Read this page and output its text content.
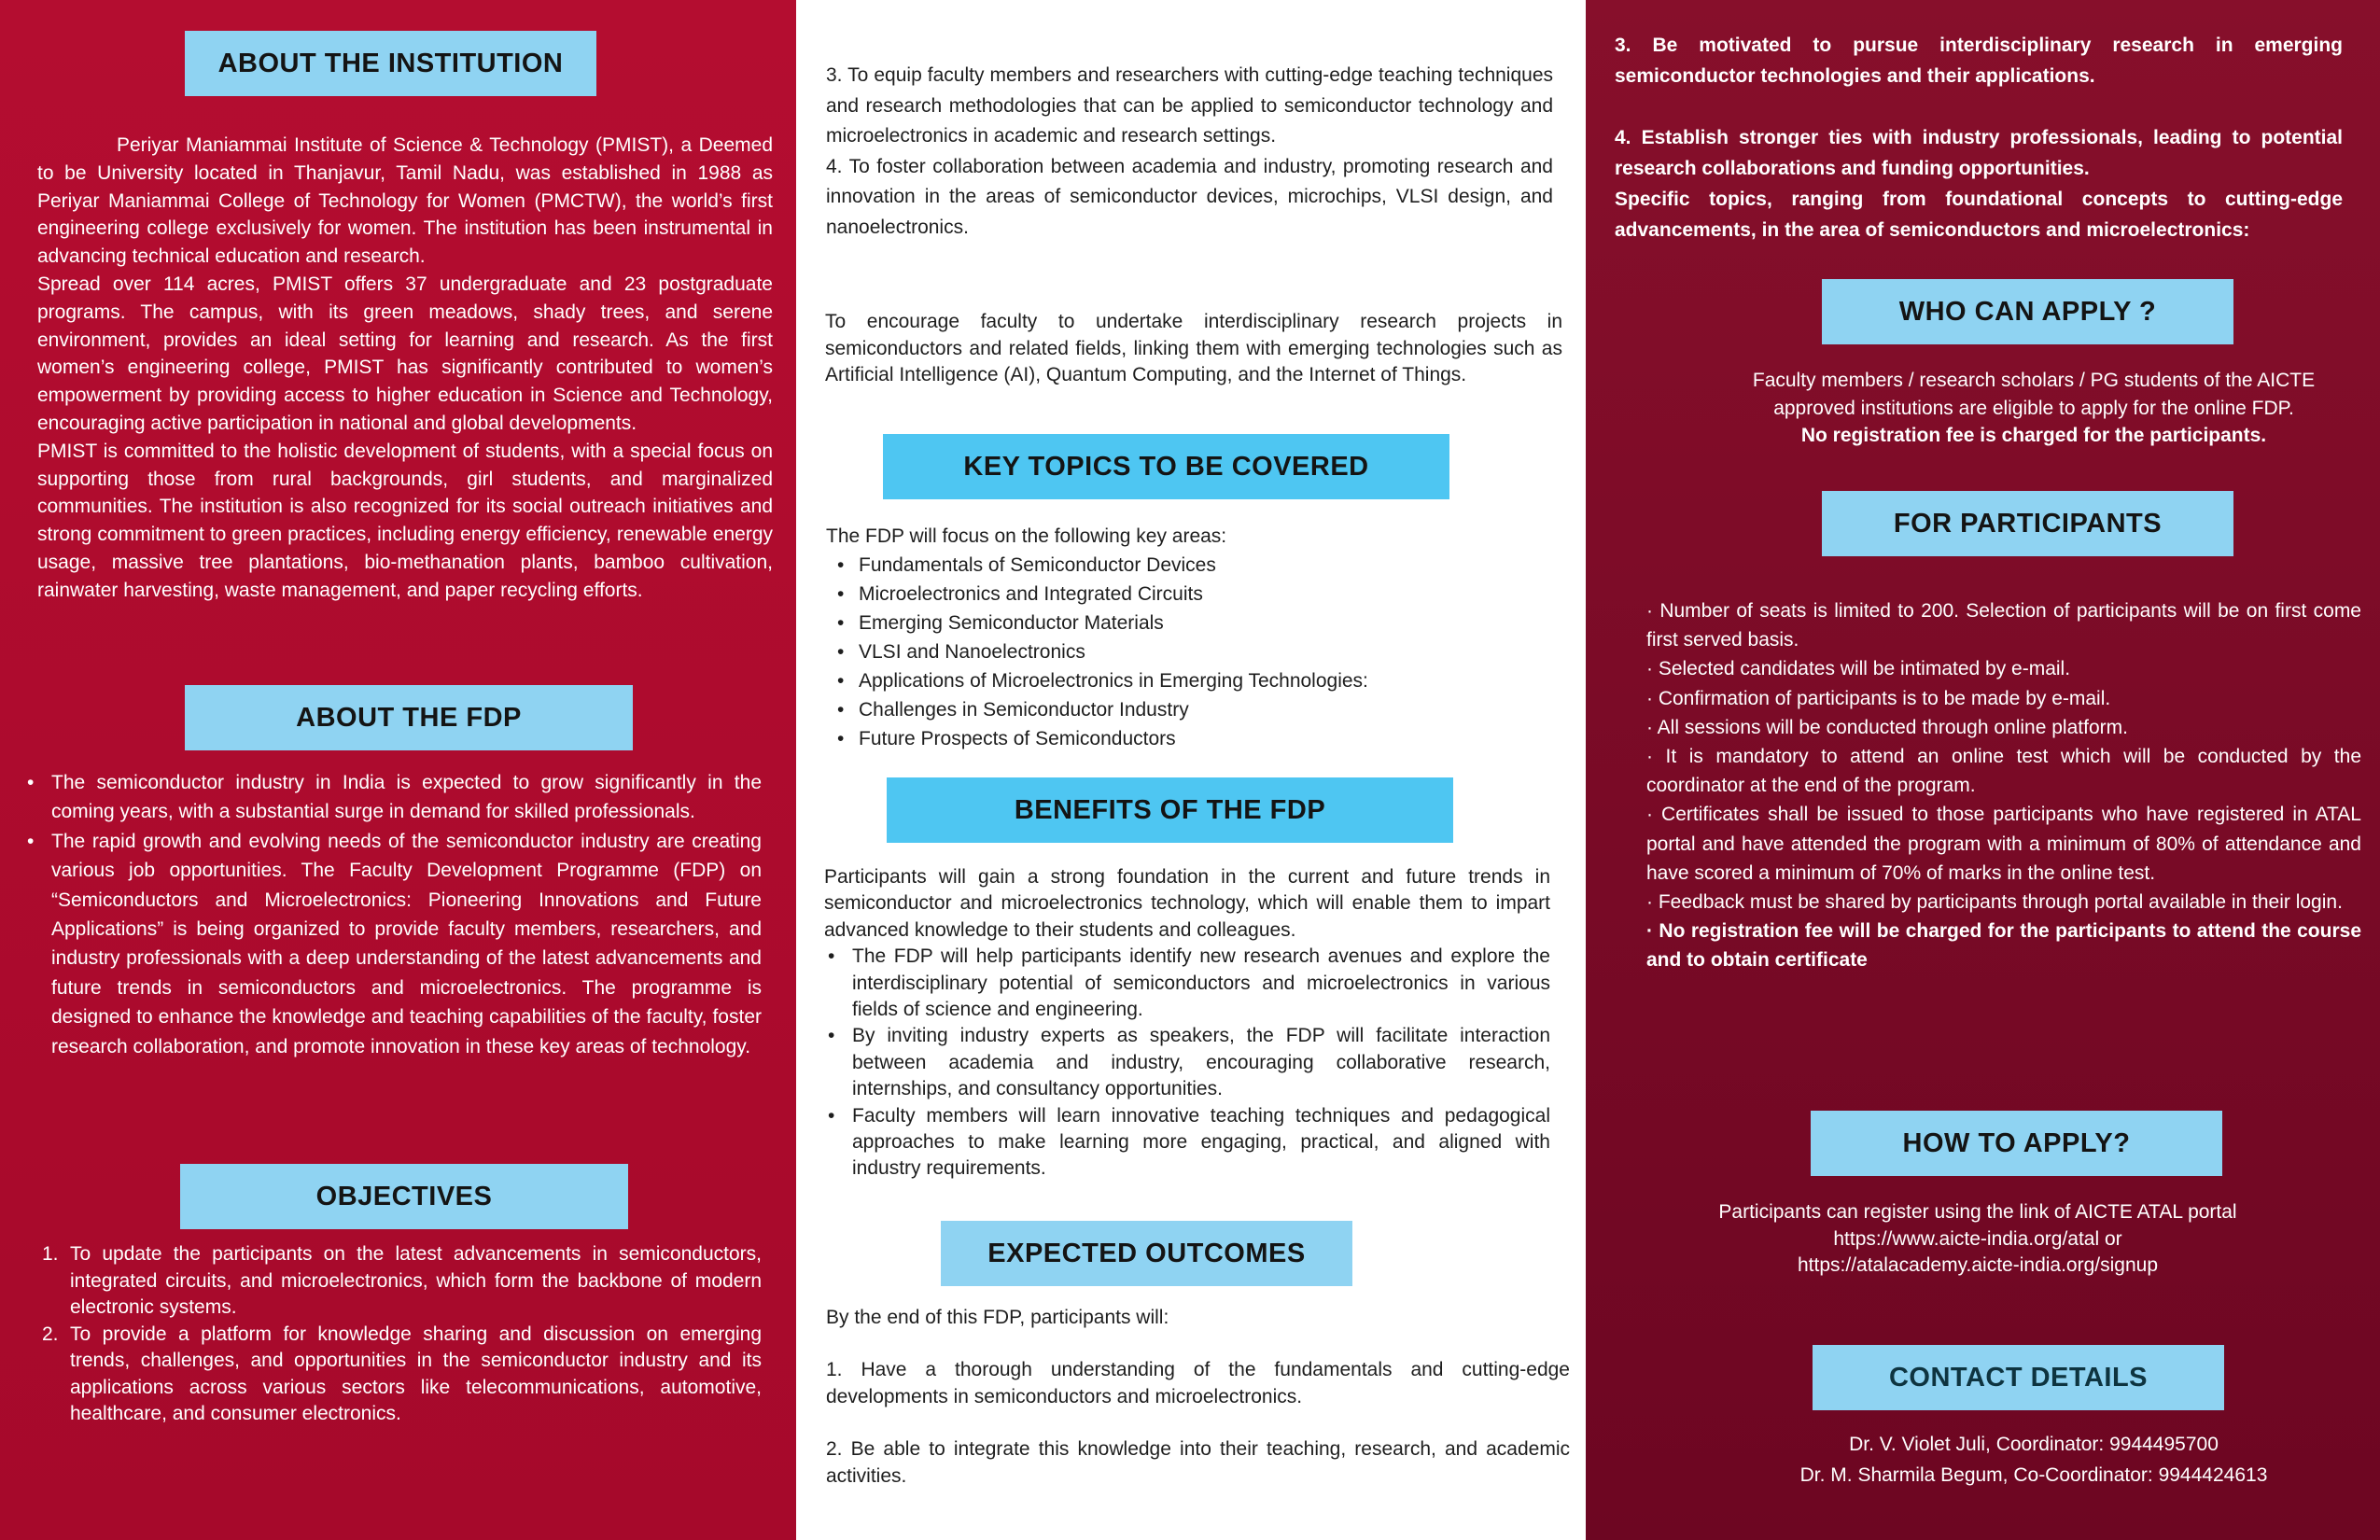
ABOUT THE INSTITUTION

Periyar Maniammai Institute of Science & Technology (PMIST), a Deemed to be University located in Thanjavur, Tamil Nadu, was established in 1988 as Periyar Maniammai College of Technology for Women (PMCTW), the world’s first engineering college exclusively for women. The institution has been instrumental in advancing technical education and research.

Spread over 114 acres, PMIST offers 37 undergraduate and 23 postgraduate programs. The campus, with its green meadows, shady trees, and serene environment, provides an ideal setting for learning and research. As the first women’s engineering college, PMIST has significantly contributed to women’s empowerment by providing access to higher education in Science and Technology, encouraging active participation in national and global developments.

PMIST is committed to the holistic development of students, with a special focus on supporting those from rural backgrounds, girl students, and marginalized communities. The institution is also recognized for its social outreach initiatives and strong commitment to green practices, including energy efficiency, renewable energy usage, massive tree plantations, bio-methanation plants, bamboo cultivation, rainwater harvesting, waste management, and paper recycling efforts.

ABOUT THE FDP
• The semiconductor industry in India is expected to grow significantly in the coming years, with a substantial surge in demand for skilled professionals.
• The rapid growth and evolving needs of the semiconductor industry are creating various job opportunities. The Faculty Development Programme (FDP) on “Semiconductors and Microelectronics: Pioneering Innovations and Future Applications” is being organized to provide faculty members, researchers, and industry professionals with a deep understanding of the latest advancements and future trends in semiconductors and microelectronics. The programme is designed to enhance the knowledge and teaching capabilities of the faculty, foster research collaboration, and promote innovation in these key areas of technology.
OBJECTIVES
1. To update the participants on the latest advancements in semiconductors, integrated circuits, and microelectronics, which form the backbone of modern electronic systems.
2. To provide a platform for knowledge sharing and discussion on emerging trends, challenges, and opportunities in the semiconductor industry and its applications across various sectors like telecommunications, automotive, healthcare, and consumer electronics.

3. To equip faculty members and researchers with cutting-edge teaching techniques and research methodologies that can be applied to semiconductor technology and microelectronics in academic and research settings.

4. To foster collaboration between academia and industry, promoting research and innovation in the areas of semiconductor devices, microchips, VLSI design, and nanoelectronics.

To encourage faculty to undertake interdisciplinary research projects in semiconductors and related fields, linking them with emerging technologies such as Artificial Intelligence (AI), Quantum Computing, and the Internet of Things.
KEY TOPICS TO BE COVERED
The FDP will focus on the following key areas:
• Fundamentals of Semiconductor Devices
• Microelectronics and Integrated Circuits
• Emerging Semiconductor Materials
• VLSI and Nanoelectronics
• Applications of Microelectronics in Emerging Technologies:
• Challenges in Semiconductor Industry
• Future Prospects of Semiconductors
BENEFITS OF THE FDP

Participants will gain a strong foundation in the current and future trends in semiconductor and microelectronics technology, which will enable them to impart advanced knowledge to their students and colleagues.

• The FDP will help participants identify new research avenues and explore the interdisciplinary potential of semiconductors and microelectronics in various fields of science and engineering.
• By inviting industry experts as speakers, the FDP will facilitate interaction between academia and industry, encouraging collaborative research, internships, and consultancy opportunities.
• Faculty members will learn innovative teaching techniques and pedagogical approaches to make learning more engaging, practical, and aligned with industry requirements.
EXPECTED OUTCOMES

By the end of this FDP, participants will:

1. Have a thorough understanding of the fundamentals and cutting-edge developments in semiconductors and microelectronics.

2. Be able to integrate this knowledge into their teaching, research, and academic activities.

3. Be motivated to pursue interdisciplinary research in emerging semiconductor technologies and their applications.

4. Establish stronger ties with industry professionals, leading to potential research collaborations and funding opportunities.

Specific topics, ranging from foundational concepts to cutting-edge advancements, in the area of semiconductors and microelectronics:

WHO CAN APPLY ?
Faculty members / research scholars / PG students of the AICTE
approved institutions are eligible to apply for the online FDP.
No registration fee is charged for the participants.
FOR PARTICIPANTS

· Number of seats is limited to 200. Selection of participants will be on first come first served basis.

· Selected candidates will be intimated by e-mail.

· Confirmation of participants is to be made by e-mail.

· All sessions will be conducted through online platform.

· It is mandatory to attend an online test which will be conducted by the coordinator at the end of the program.

· Certificates shall be issued to those participants who have registered in ATAL portal and have attended the program with a minimum of 80% of attendance and have scored a minimum of 70% of marks in the online test.

· Feedback must be shared by participants through portal available in their login.

· No registration fee will be charged for the participants to attend the course and to obtain certificate

HOW TO APPLY?
Participants can register using the link of AICTE ATAL portal
https://www.aicte-india.org/atal or
https://atalacademy.aicte-india.org/signup
CONTACT DETAILS
Dr. V. Violet Juli, Coordinator: 9944495700
Dr. M. Sharmila Begum, Co-Coordinator: 9944424613
